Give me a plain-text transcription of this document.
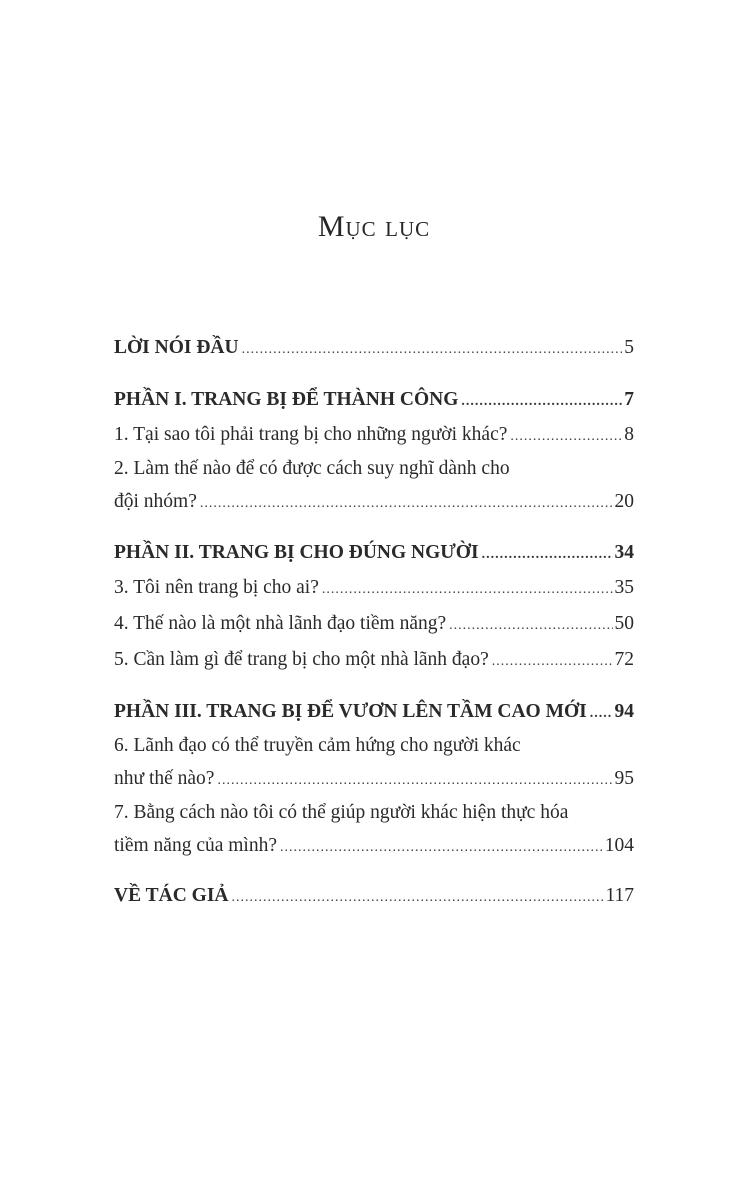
Mục lục
LỜI NÓI ĐẦU .....	5
PHẦN I. TRANG BỊ ĐỂ THÀNH CÔNG .....	7
1. Tại sao tôi phải trang bị cho những người khác? .....	8
2. Làm thế nào để có được cách suy nghĩ dành cho
đội nhóm? .....	20
PHẦN II. TRANG BỊ CHO ĐÚNG NGƯỜI .....	34
3. Tôi nên trang bị cho ai? .....	35
4. Thế nào là một nhà lãnh đạo tiềm năng? .....	50
5. Cần làm gì để trang bị cho một nhà lãnh đạo? .....	72
PHẦN III. TRANG BỊ ĐỂ VƯƠN LÊN TẦM CAO MỚI ..... 94
6. Lãnh đạo có thể truyền cảm hứng cho người khác
như thế nào? .....	95
7. Bằng cách nào tôi có thể giúp người khác hiện thực hóa
tiềm năng của mình? .....	104
VỀ TÁC GIẢ .....	117
